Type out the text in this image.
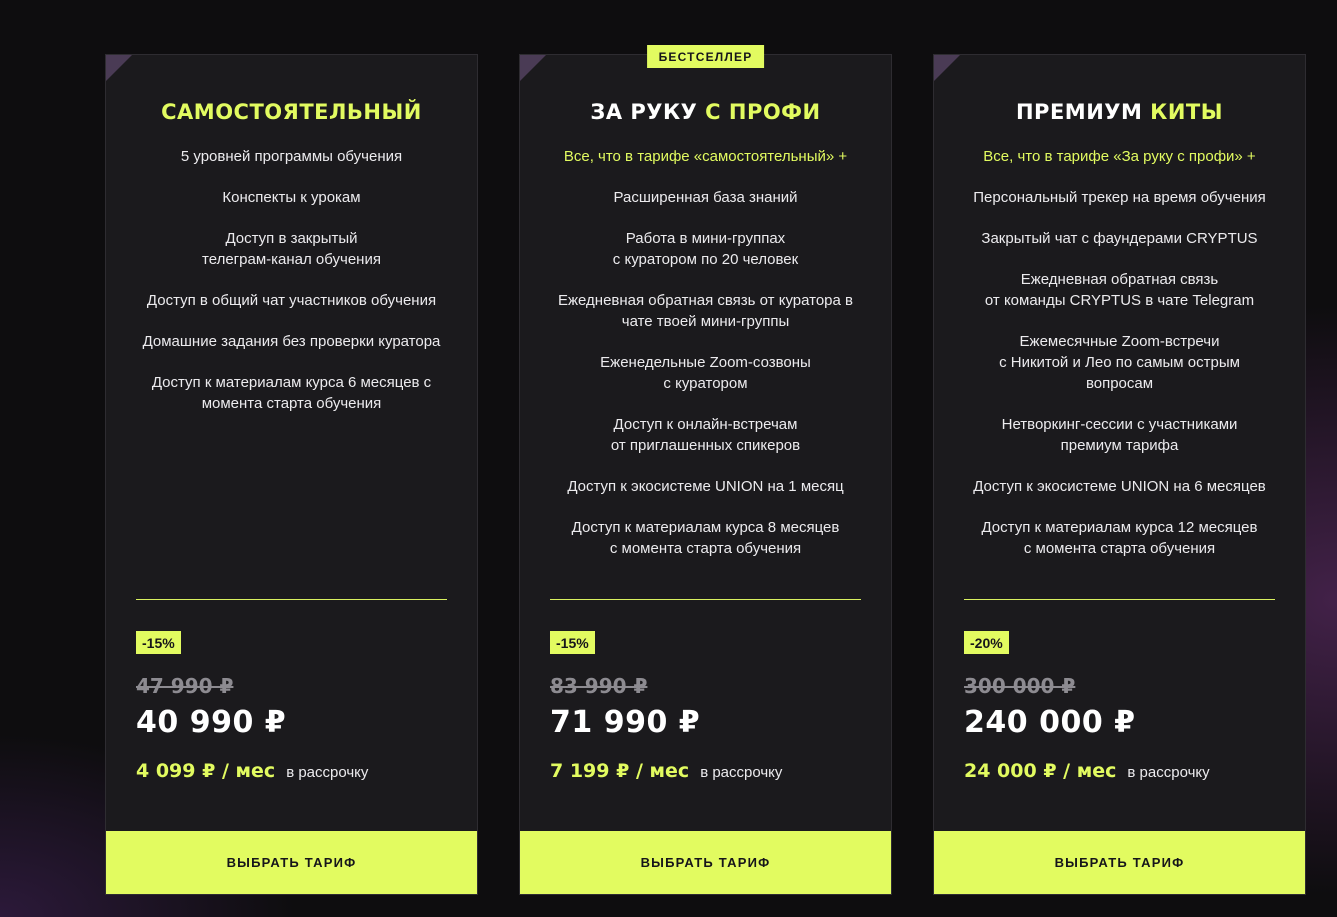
САМОСТОЯТЕЛЬНЫЙ
5 уровней программы обучения
Конспекты к урокам
Доступ в закрытый
телеграм-канал обучения
Доступ в общий чат участников обучения
Домашние задания без проверки куратора
Доступ к материалам курса 6 месяцев с
момента старта обучения
-15%
47 990 ₽
40 990 ₽
4 099 ₽ / мес в рассрочку
ВЫБРАТЬ ТАРИФ
БЕСТСЕЛЛЕР
ЗА РУКУ С ПРОФИ
Все, что в тарифе «самостоятельный» +
Расширенная база знаний
Работа в мини-группах
с куратором по 20 человек
Ежедневная обратная связь от куратора в
чате твоей мини-группы
Еженедельные Zoom-созвоны
с куратором
Доступ к онлайн-встречам
от приглашенных спикеров
Доступ к экосистеме UNION на 1 месяц
Доступ к материалам курса 8 месяцев
с момента старта обучения
-15%
83 990 ₽
71 990 ₽
7 199 ₽ / мес в рассрочку
ВЫБРАТЬ ТАРИФ
ПРЕМИУМ КИТЫ
Все, что в тарифе «За руку с профи» +
Персональный трекер на время обучения
Закрытый чат с фаундерами CRYPTUS
Ежедневная обратная связь
от команды CRYPTUS в чате Telegram
Ежемесячные Zoom-встречи
с Никитой и Лео по самым острым
вопросам
Нетворкинг-сессии с участниками
премиум тарифа
Доступ к экосистеме UNION на 6 месяцев
Доступ к материалам курса 12 месяцев
с момента старта обучения
-20%
300 000 ₽
240 000 ₽
24 000 ₽ / мес в рассрочку
ВЫБРАТЬ ТАРИФ
